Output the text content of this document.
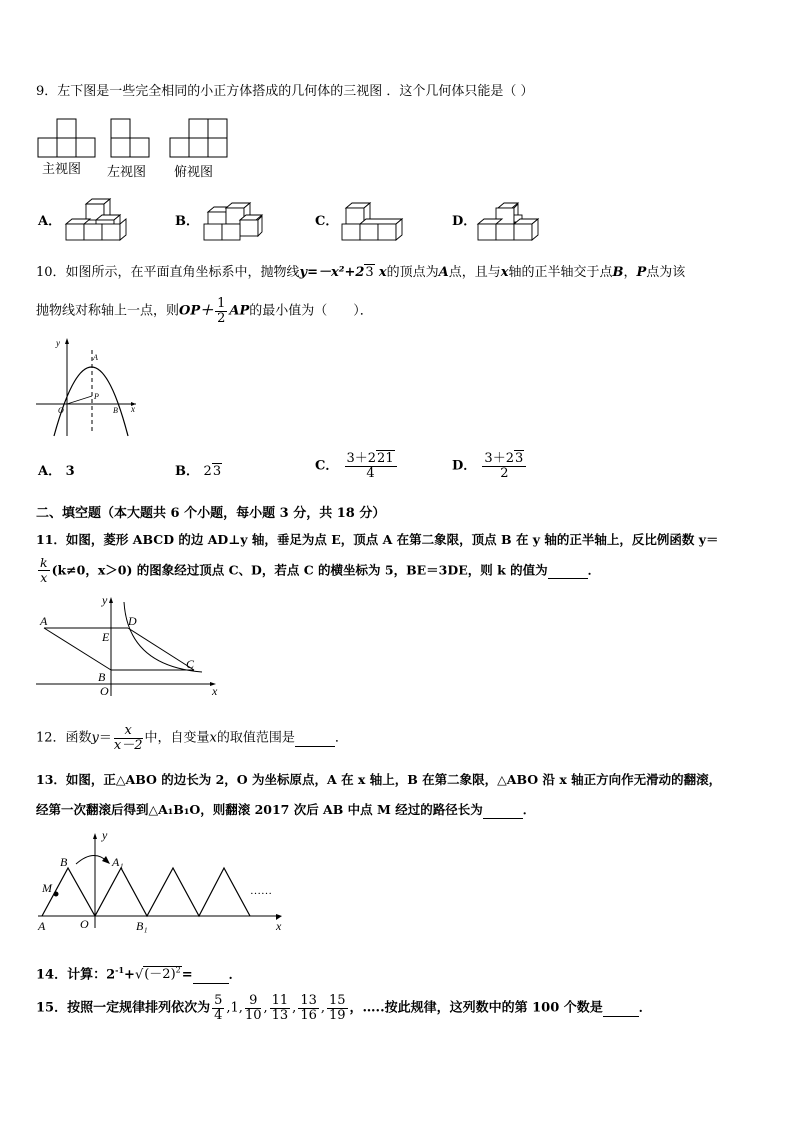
9．左下图是一些完全相同的小正方体搭成的几何体的三视图 ．这个几何体只能是（ ）
主视图 左视图 俯视图
A．	B．	C．	D．
10．如图所示，在平面直角坐标系中，抛物线y=－x²+23 x的顶点为A点，且与x轴的正半轴交于点B，P点为该
抛物线对称轴上一点，则$OP+ \frac{1}{2}$ AP的最小值为（　　）．
y
A
P
O	B x
A． 3	B． 23	C． $\frac{3+221}{4}$	D． $\frac{3+23}{2}$
二、填空题（本大题共 6 个小题，每小题 3 分，共 18 分）
11．如图，菱形 ABCD 的边 AD⊥y 轴，垂足为点 E，顶点 A 在第二象限，顶点 B 在 y 轴的正半轴上，反比例函数 y＝
$\frac{k}{x} (k\ne 0$，x＞0) 的图象经过顶点 C、D，若点 C 的横坐标为 5，BE＝3DE，则 k 的值为	．
y
A	D
E
C
B
O	x
12．函数$y= \frac{x}{x-2}$ 中，自变量x的取值范围是	．
13．如图，正△ABO 的边长为 2，O 为坐标原点，A 在 x 轴上，B 在第二象限，△ABO 沿 x 轴正方向作无滑动的翻滚，
经第一次翻滚后得到△A₁B₁O，则翻滚 2017 次后 AB 中点 M 经过的路径长为	．
……
y
B	A₁
M
A	O	B₁	x
14．计算：$2^{-1}+√(-2)^2=$	．
15．按照一定规律排列依次为 $\frac{5}{4} ,1$, $\frac{9}{10}$ , $\frac{11}{13}$ , $\frac{13}{16}$ , $\frac{15}{19}$ ，…..按此规律，这列数中的第 100 个数是	．
